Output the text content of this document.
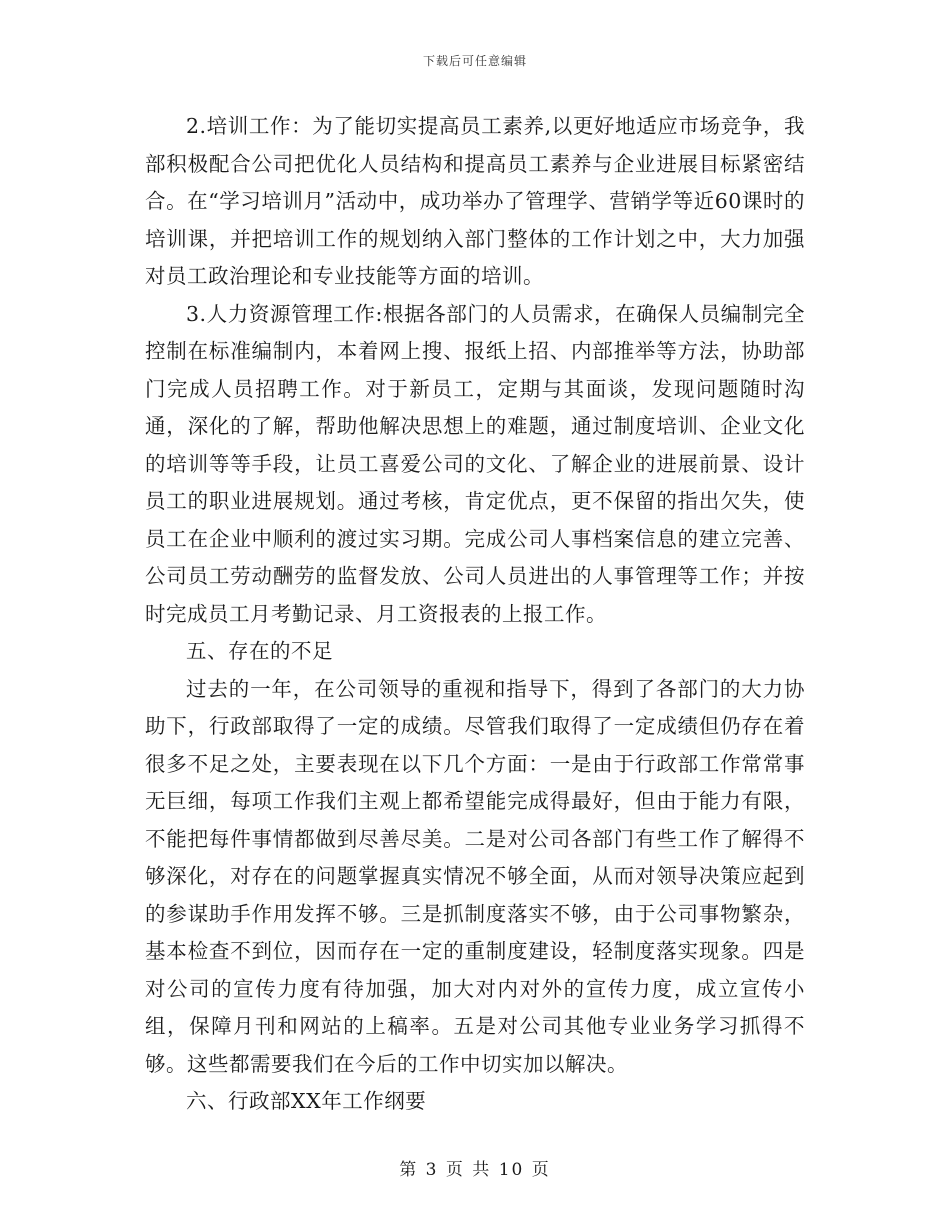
下载后可任意编辑

2.培训工作：为了能切实提高员工素养,以更好地适应市场竞争，我部积极配合公司把优化人员结构和提高员工素养与企业进展目标紧密结合。在“学习培训月”活动中，成功举办了管理学、营销学等近60课时的培训课，并把培训工作的规划纳入部门整体的工作计划之中，大力加强对员工政治理论和专业技能等方面的培训。

3.人力资源管理工作:根据各部门的人员需求，在确保人员编制完全控制在标准编制内，本着网上搜、报纸上招、内部推举等方法，协助部门完成人员招聘工作。对于新员工，定期与其面谈，发现问题随时沟通，深化的了解，帮助他解决思想上的难题，通过制度培训、企业文化的培训等等手段，让员工喜爱公司的文化、了解企业的进展前景、设计员工的职业进展规划。通过考核，肯定优点，更不保留的指出欠失，使员工在企业中顺利的渡过实习期。完成公司人事档案信息的建立完善、公司员工劳动酬劳的监督发放、公司人员进出的人事管理等工作；并按时完成员工月考勤记录、月工资报表的上报工作。

五、存在的不足

过去的一年，在公司领导的重视和指导下，得到了各部门的大力协助下，行政部取得了一定的成绩。尽管我们取得了一定成绩但仍存在着很多不足之处，主要表现在以下几个方面：一是由于行政部工作常常事无巨细，每项工作我们主观上都希望能完成得最好，但由于能力有限，不能把每件事情都做到尽善尽美。二是对公司各部门有些工作了解得不够深化，对存在的问题掌握真实情况不够全面，从而对领导决策应起到的参谋助手作用发挥不够。三是抓制度落实不够，由于公司事物繁杂，基本检查不到位，因而存在一定的重制度建设，轻制度落实现象。四是对公司的宣传力度有待加强，加大对内对外的宣传力度，成立宣传小组，保障月刊和网站的上稿率。五是对公司其他专业业务学习抓得不够。这些都需要我们在今后的工作中切实加以解决。

六、行政部XX年工作纲要

第 3 页 共 10 页
